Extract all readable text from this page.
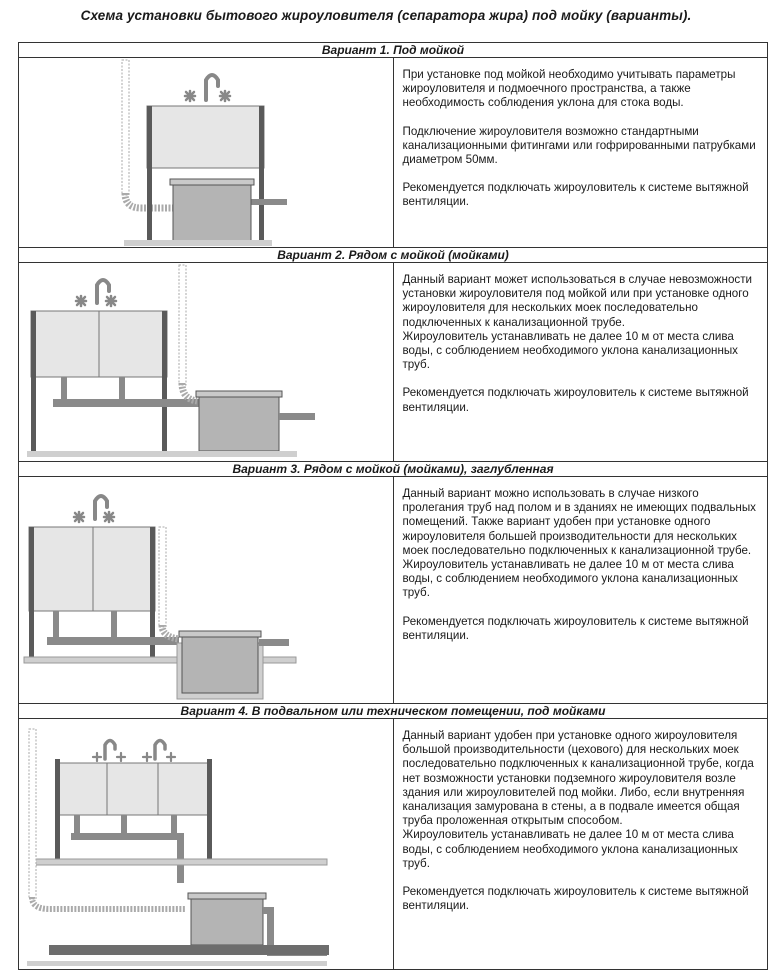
Схема установки бытового жироуловителя (сепаратора жира) под мойку (варианты).
Вариант 1. Под мойкой	

При установке под мойкой необходимо учитывать параметры жироуловителя и подмоечного пространства, а также необходимость соблюдения уклона для стока воды.

Подключение жироуловителя возможно стандартными канализационными фитингами или гофрированными патрубками диаметром 50мм.

Рекомендуется подключать жироуловитель к системе вытяжной вентиляции.

Вариант 2. Рядом с мойкой (мойками)	

Данный вариант может использоваться в случае невозможности установки жироуловителя под мойкой или при установке одного жироуловителя для нескольких моек последовательно подключенных к канализационной трубе.

Жироуловитель устанавливать не далее 10 м от места слива воды, с соблюдением необходимого уклона канализационных труб.

Рекомендуется подключать жироуловитель к системе вытяжной вентиляции.

Вариант 3. Рядом с мойкой (мойками), заглубленная	

Данный вариант можно использовать в случае низкого пролегания труб над полом и в зданиях не имеющих подвальных помещений. Также вариант удобен при установке одного жироуловителя большей производительности для нескольких моек последовательно подключенных к канализационной трубе.

Жироуловитель устанавливать не далее 10 м от места слива воды, с соблюдением необходимого уклона канализационных труб.

Рекомендуется подключать жироуловитель к системе вытяжной вентиляции.

Вариант 4. В подвальном или техническом помещении, под мойками	

Данный вариант удобен при установке одного жироуловителя большой производительности (цехового) для нескольких моек последовательно подключенных к канализационной трубе, когда нет возможности установки подземного жироуловителя возле здания или жироуловителей под мойки. Либо, если внутренняя канализация замурована в стены, а в подвале имеется общая труба проложенная открытым способом.

Жироуловитель устанавливать не далее 10 м от места слива воды, с соблюдением необходимого уклона канализационных труб.

Рекомендуется подключать жироуловитель к системе вытяжной вентиляции.
